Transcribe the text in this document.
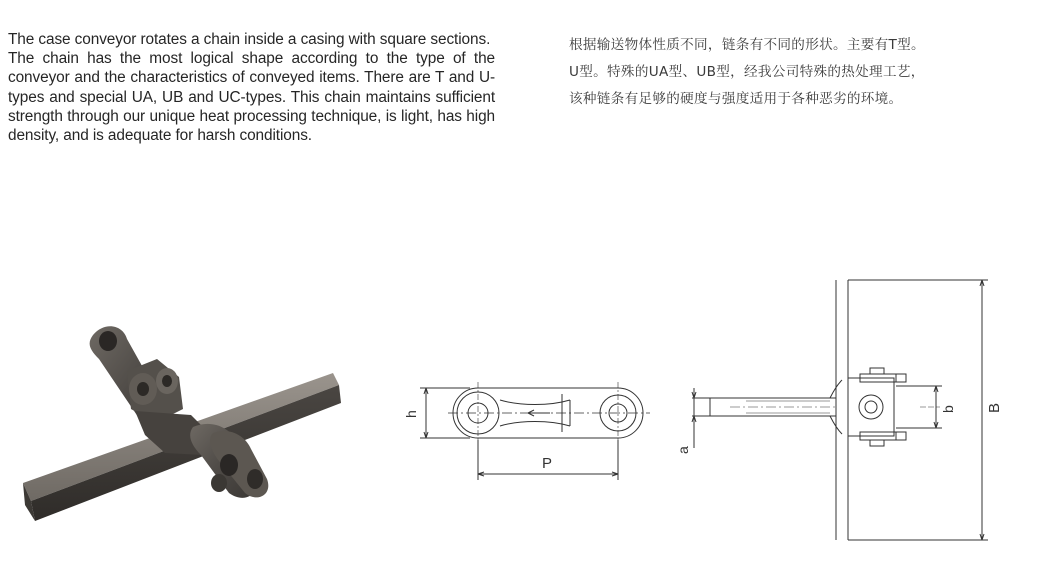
The case conveyor rotates a chain inside a casing with square sections.

The chain has the most logical shape according to the type of the conveyor and the characteristics of conveyed items. There are T and U-types and special UA, UB and UC-types. This chain maintains sufficient strength through our unique heat processing technique, is light, has high density, and is adequate for harsh conditions.

根据输送物体性质不同，链条有不同的形状。主要有T型。

U型。特殊的UA型、UB型，经我公司特殊的热处理工艺，

该种链条有足够的硬度与强度适用于各种恶劣的环境。

h
P
a
b B
